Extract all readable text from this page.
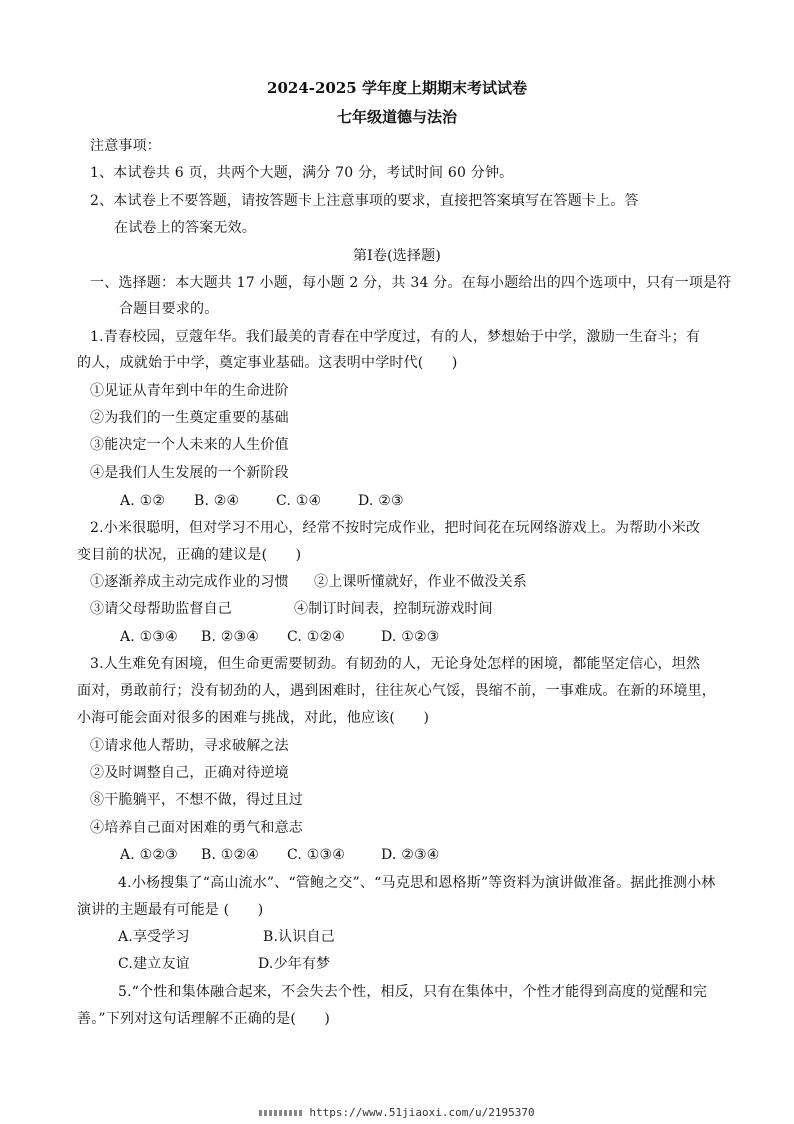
2024-2025 学年度上期期末考试试卷
七年级道德与法治
注意事项：
1、本试卷共 6 页，共两个大题，满分 70 分，考试时间 60 分钟。
2、本试卷上不要答题，请按答题卡上注意事项的要求，直接把答案填写在答题卡上。答
在试卷上的答案无效。
第Ⅰ卷(选择题)
一、选择题：本大题共 17 小题，每小题 2 分，共 34 分。在每小题给出的四个选项中，只有一项是符
合题目要求的。
1.青春校园，豆蔻年华。我们最美的青春在中学度过，有的人，梦想始于中学，激励一生奋斗；有
的人，成就始于中学，奠定事业基础。这表明中学时代(　　)
①见证从青年到中年的生命进阶
②为我们的一生奠定重要的基础
③能决定一个人未来的人生价值
④是我们人生发展的一个新阶段
A. ①② B. ②④	C. ①④	D. ②③
2.小米很聪明，但对学习不用心，经常不按时完成作业，把时间花在玩网络游戏上。为帮助小米改
变目前的状况，正确的建议是(　　)
①逐渐养成主动完成作业的习惯 ②上课听懂就好，作业不做没关系
③请父母帮助监督自己	④制订时间表，控制玩游戏时间
A. ①③④ B. ②③④ C. ①②④	D. ①②③
3.人生难免有困境，但生命更需要韧劲。有韧劲的人，无论身处怎样的困境，都能坚定信心，坦然
面对，勇敢前行；没有韧劲的人，遇到困难时，往往灰心气馁，畏缩不前，一事难成。在新的环境里，
小海可能会面对很多的困难与挑战，对此，他应该(　　)
①请求他人帮助，寻求破解之法
②及时调整自己，正确对待逆境
⑧干脆躺平，不想不做，得过且过
④培养自己面对困难的勇气和意志
A. ①②③ B. ①②④ C. ①③④	D. ②③④
4.小杨搜集了“高山流水”、“管鲍之交”、“马克思和恩格斯”等资料为演讲做准备。据此推测小林
演讲的主题最有可能是 (　　)
A.享受学习	B.认识自己
C.建立友谊	D.少年有梦
5.“个性和集体融合起来，不会失去个性，相反，只有在集体中，个性才能得到高度的觉醒和完
善。”下列对这句话理解不正确的是(　　)
https://www.51jiaoxi.com/u/2195370
